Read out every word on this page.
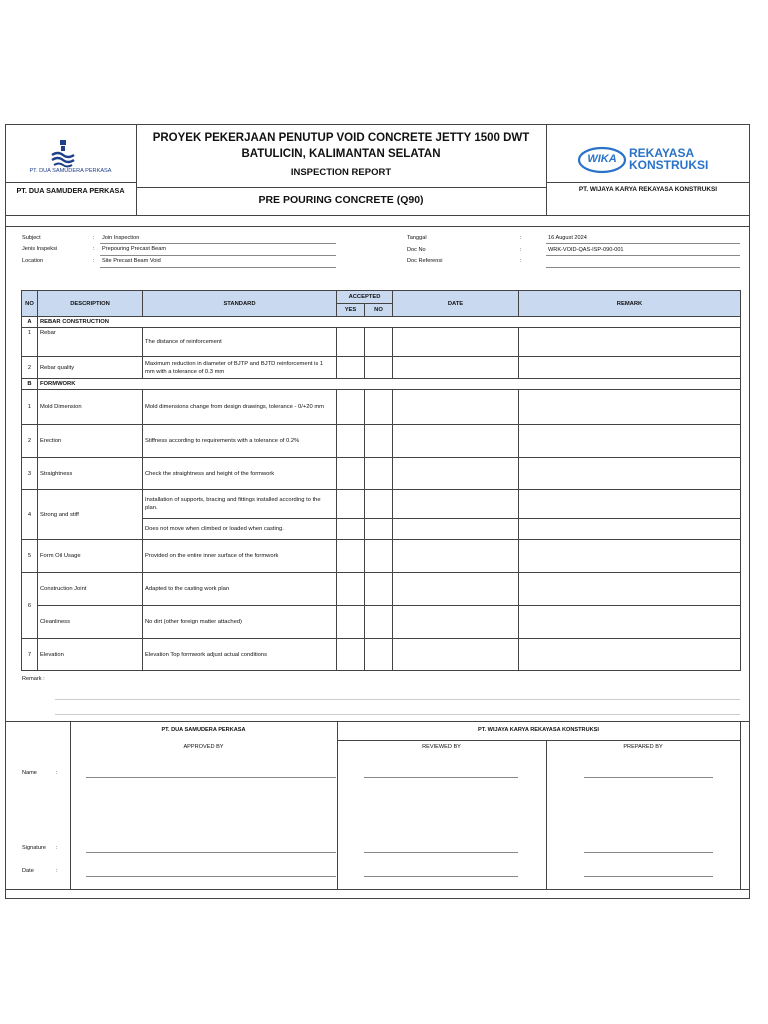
PT. DUA SAMUDERA PERKASA
PT. DUA SAMUDERA PERKASA
PROYEK PEKERJAAN PENUTUP VOID CONCRETE JETTY 1500 DWT
BATULICIN, KALIMANTAN SELATAN
INSPECTION REPORT
PRE POURING CONCRETE (Q90)
WIKA	REKAYASA
KONSTRUKSI
PT. WIJAYA KARYA REKAYASA KONSTRUKSI
Subject	: Join Inspection
Jenis Inspeksi	: Prepouring Precast Beam
Location	: Site Precast Beam Void
Tanggal	:	16 August 2024
Doc No	:	WRK-VOID-QAS-ISP-090-001
Doc Referensi	:
NO	DESCRIPTION	STANDARD	ACCEPTED		DATE	REMARK
			YES	NO		
A	REBAR CONSTRUCTION					
1	Rebar	The distance of reinforcement				
2	Rebar quality	Maximum reduction in diameter of BJTP and BJTD reinforcement is 1 mm with a tolerance of 0.3 mm				
B	FORMWORK					
1	Mold Dimension	Mold dimensions change from design drawings, tolerance - 0/+20 mm				
2	Erection	Stiffness according to requirements with a tolerance of 0.2%				
3	Straightness	Check the straightness and height of the formwork				
4	Strong and stiff	Installation of supports, bracing and fittings installed according to the plan.				
		Does not move when climbed or loaded when casting.				
5	Form Oil Usage	Provided on the entire inner surface of the formwork				
6	Construction Joint	Adapted to the casting work plan				
	Cleanliness	No dirt (other foreign matter attached)				
7	Elevation	Elevation Top formwork adjust actual conditions				
Remark :
PT. DUA SAMUDERA PERKASA	PT. WIJAYA KARYA REKAYASA KONSTRUKSI
APPROVED BY	REVIEWED BY	PREPARED BY
Name	:
Signature :
Date	:
